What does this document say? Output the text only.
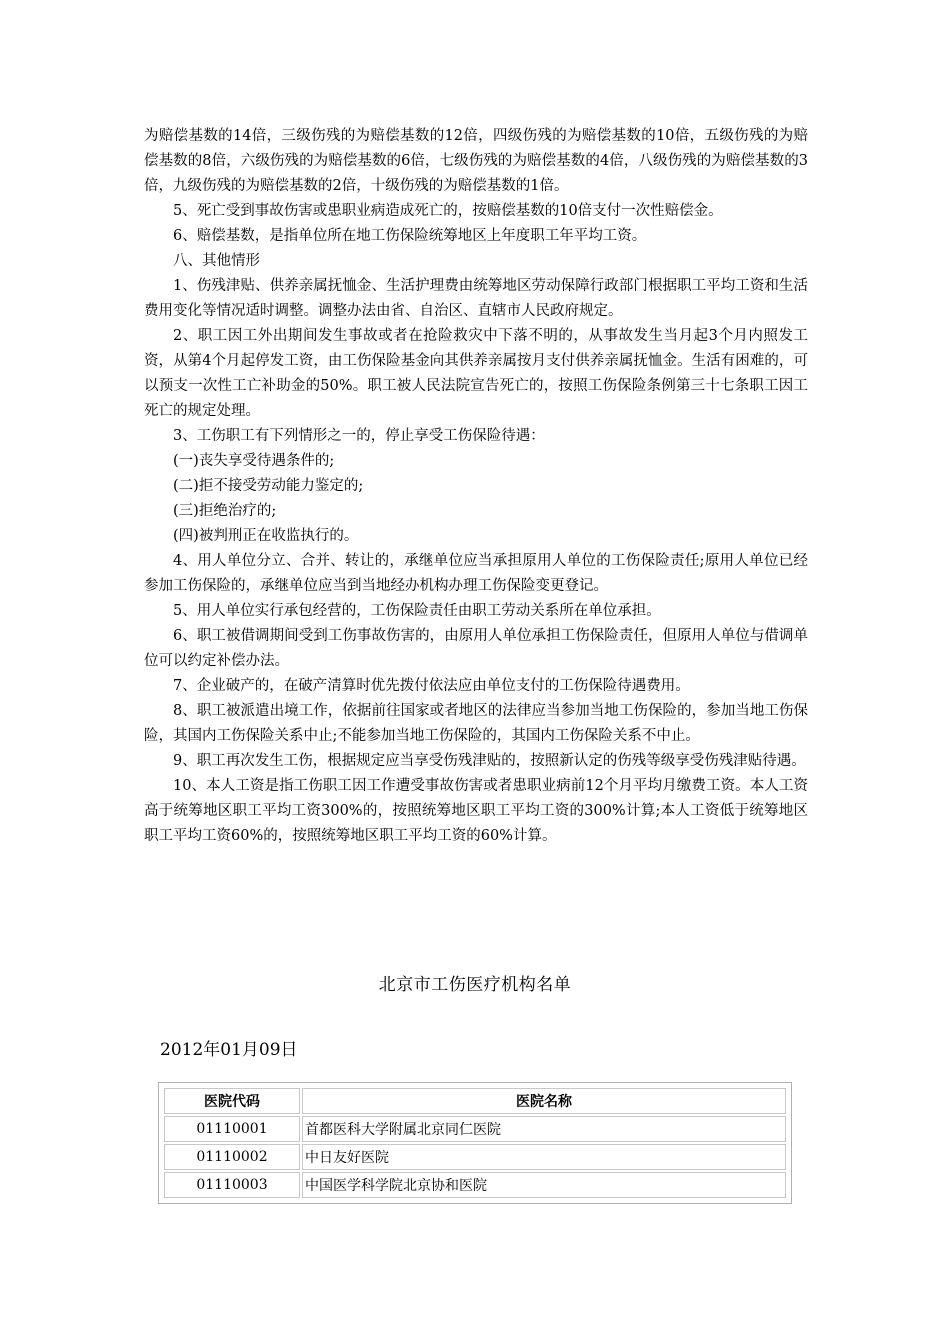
为赔偿基数的14倍，三级伤残的为赔偿基数的12倍，四级伤残的为赔偿基数的10倍，五级伤残的为赔偿基数的8倍，六级伤残的为赔偿基数的6倍，七级伤残的为赔偿基数的4倍，八级伤残的为赔偿基数的3倍，九级伤残的为赔偿基数的2倍，十级伤残的为赔偿基数的1倍。

5、死亡受到事故伤害或患职业病造成死亡的，按赔偿基数的10倍支付一次性赔偿金。

6、赔偿基数，是指单位所在地工伤保险统筹地区上年度职工年平均工资。

八、其他情形

1、伤残津贴、供养亲属抚恤金、生活护理费由统筹地区劳动保障行政部门根据职工平均工资和生活费用变化等情况适时调整。调整办法由省、自治区、直辖市人民政府规定。

2、职工因工外出期间发生事故或者在抢险救灾中下落不明的，从事故发生当月起3个月内照发工资，从第4个月起停发工资，由工伤保险基金向其供养亲属按月支付供养亲属抚恤金。生活有困难的，可以预支一次性工亡补助金的50%。职工被人民法院宣告死亡的，按照工伤保险条例第三十七条职工因工死亡的规定处理。

3、工伤职工有下列情形之一的，停止享受工伤保险待遇：

(一)丧失享受待遇条件的;

(二)拒不接受劳动能力鉴定的;

(三)拒绝治疗的;

(四)被判刑正在收监执行的。

4、用人单位分立、合并、转让的，承继单位应当承担原用人单位的工伤保险责任;原用人单位已经参加工伤保险的，承继单位应当到当地经办机构办理工伤保险变更登记。

5、用人单位实行承包经营的，工伤保险责任由职工劳动关系所在单位承担。

6、职工被借调期间受到工伤事故伤害的，由原用人单位承担工伤保险责任，但原用人单位与借调单位可以约定补偿办法。

7、企业破产的，在破产清算时优先拨付依法应由单位支付的工伤保险待遇费用。

8、职工被派遣出境工作，依据前往国家或者地区的法律应当参加当地工伤保险的，参加当地工伤保险，其国内工伤保险关系中止;不能参加当地工伤保险的，其国内工伤保险关系不中止。

9、职工再次发生工伤，根据规定应当享受伤残津贴的，按照新认定的伤残等级享受伤残津贴待遇。

10、本人工资是指工伤职工因工作遭受事故伤害或者患职业病前12个月平均月缴费工资。本人工资高于统筹地区职工平均工资300%的，按照统筹地区职工平均工资的300%计算;本人工资低于统筹地区职工平均工资60%的，按照统筹地区职工平均工资的60%计算。

北京市工伤医疗机构名单
2012年01月09日
医院代码	医院名称
01110001	首都医科大学附属北京同仁医院
01110002	中日友好医院
01110003	中国医学科学院北京协和医院
